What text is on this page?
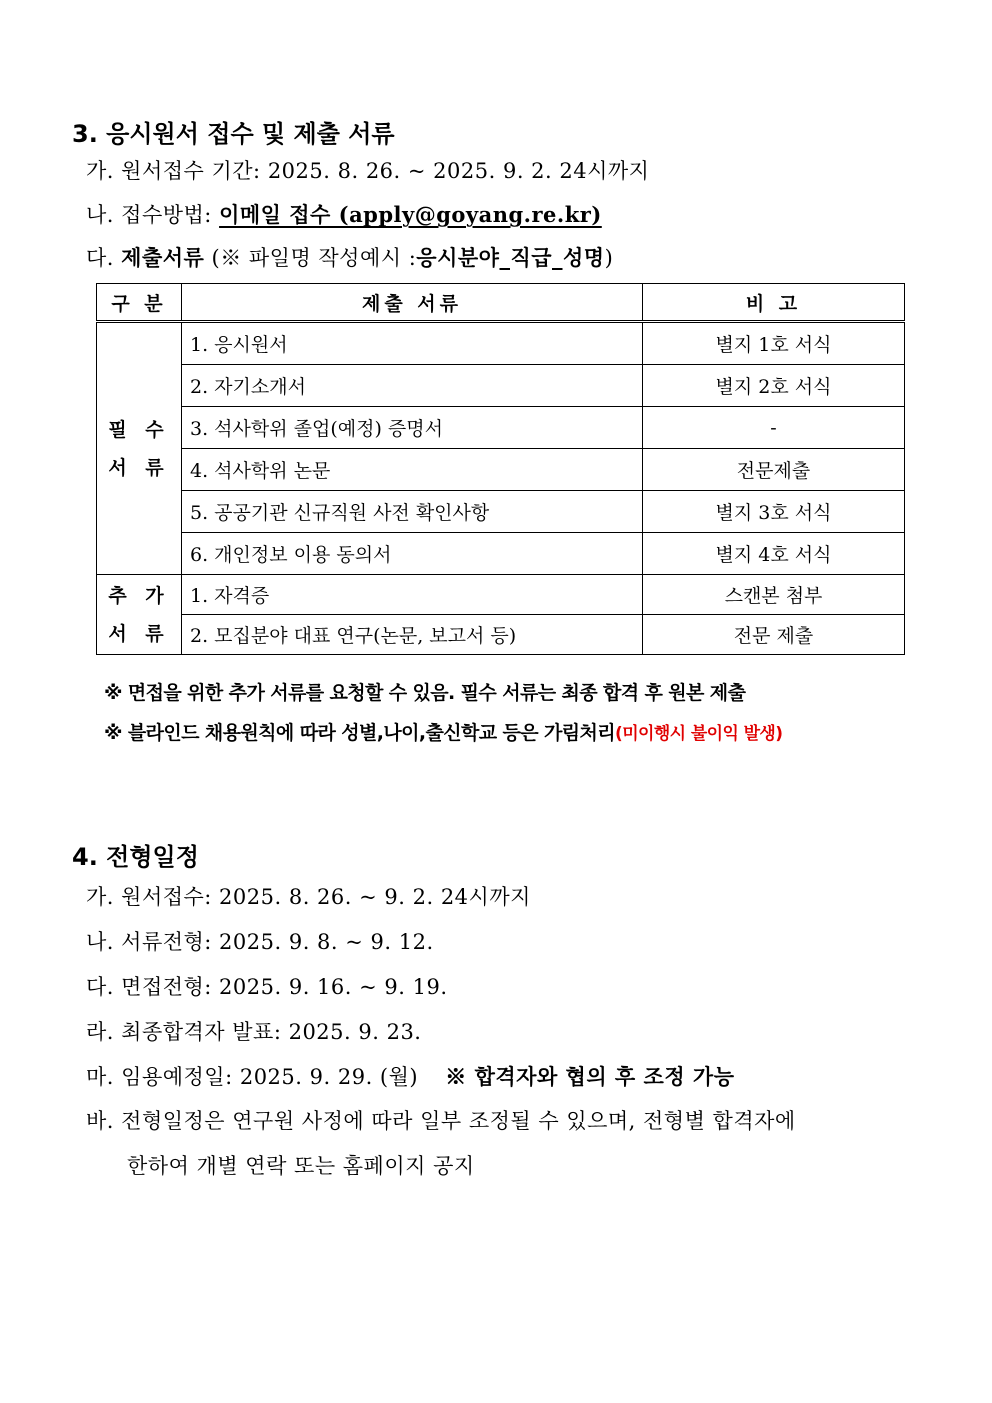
3. 응시원서 접수 및 제출 서류
가. 원서접수 기간: 2025. 8. 26. ~ 2025. 9. 2. 24시까지
나. 접수방법: 이메일 접수 (apply@goyang.re.kr)
다. 제출서류 (※ 파일명 작성예시 :응시분야_직급_성명)
구 분	제출 서류	비 고

필 수
서 류	1. 응시원서	별지 1호 서식
	2. 자기소개서	별지 2호 서식
	3. 석사학위 졸업(예정) 증명서	-
	4. 석사학위 논문	전문제출
	5. 공공기관 신규직원 사전 확인사항	별지 3호 서식
	6. 개인정보 이용 동의서	별지 4호 서식

추 가
서 류	1. 자격증	스캔본 첨부
	2. 모집분야 대표 연구(논문, 보고서 등)	전문 제출
※ 면접을 위한 추가 서류를 요청할 수 있음. 필수 서류는 최종 합격 후 원본 제출
※ 블라인드 채용원칙에 따라 성별,나이,출신학교 등은 가림처리(미이행시 불이익 발생)
4. 전형일정
가. 원서접수: 2025. 8. 26. ~ 9. 2. 24시까지
나. 서류전형: 2025. 9. 8. ~ 9. 12.
다. 면접전형: 2025. 9. 16. ~ 9. 19.
라. 최종합격자 발표: 2025. 9. 23.
마. 임용예정일: 2025. 9. 29. (월) ※ 합격자와 협의 후 조정 가능
바. 전형일정은 연구원 사정에 따라 일부 조정될 수 있으며, 전형별 합격자에
한하여 개별 연락 또는 홈페이지 공지
